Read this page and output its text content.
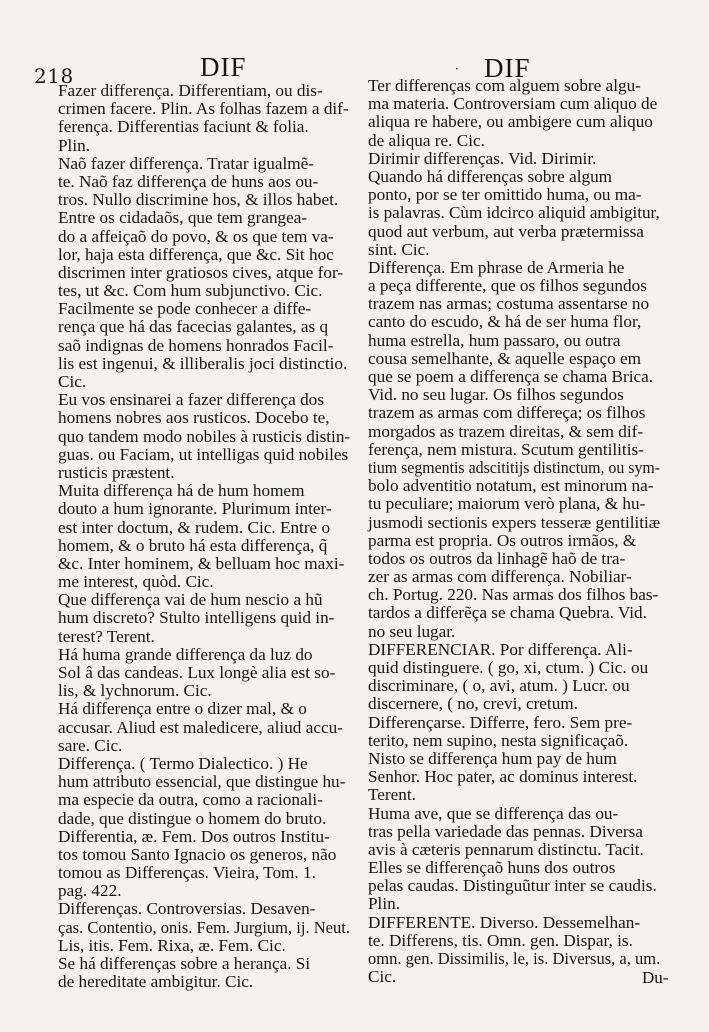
218	DIF	· DIF
Fazer differença. Differentiam, ou dis-
crimen facere. Plin. As folhas fazem a dif-
ferença. Differentias faciunt & folia.
Plin.
Naõ fazer differença. Tratar igualmẽ-
te. Naõ faz differença de huns aos ou-
tros. Nullo discrimine hos, & illos habet.
Entre os cidadaõs, que tem grangea-
do a affeiçaõ do povo, & os que tem va-
lor, haja esta differença, que &c. Sit hoc
discrimen inter gratiosos cives, atque for-
tes, ut &c. Com hum subjunctivo. Cic.
Facilmente se pode conhecer a diffe-
rença que há das facecias galantes, as q
saõ indignas de homens honrados Facil-
lis est ingenui, & illiberalis joci distinctio.
Cic.
Eu vos ensinarei a fazer differença dos
homens nobres aos rusticos. Docebo te,
quo tandem modo nobiles à rusticis distin-
guas. ou Faciam, ut intelligas quid nobiles
rusticis præstent.
Muita differença há de hum homem
douto a hum ignorante. Plurimum inter-
est inter doctum, & rudem. Cic. Entre o
homem, & o bruto há esta differença, q̃
&c. Inter hominem, & belluam hoc maxi-
me interest, quòd. Cic.
Que differença vai de hum nescio a hũ
hum discreto? Stulto intelligens quid in-
terest? Terent.
Há huma grande differença da luz do
Sol â das candeas. Lux longè alia est so-
lis, & lychnorum. Cic.
Há differença entre o dizer mal, & o
accusar. Aliud est maledicere, aliud accu-
sare. Cic.
Differença. ( Termo Dialectico. ) He
hum attributo essencial, que distingue hu-
ma especie da outra, como a racionali-
dade, que distingue o homem do bruto.
Differentia, æ. Fem. Dos outros Institu-
tos tomou Santo Ignacio os generos, não
tomou as Differenças. Vieira, Tom. 1.
pag. 422.
Differenças. Controversias. Desaven-
ças. Contentio, onis. Fem. Jurgium, ij. Neut.
Lis, itis. Fem. Rixa, æ. Fem. Cic.
Se há differenças sobre a herança. Si
de hereditate ambigitur. Cic.
Ter differenças com alguem sobre algu-
ma materia. Controversiam cum aliquo de
aliqua re habere, ou ambigere cum aliquo
de aliqua re. Cic.
Dirimir differenças. Vid. Dirimir.
Quando há differenças sobre algum
ponto, por se ter omittido huma, ou ma-
is palavras. Cùm idcirco aliquid ambigitur,
quod aut verbum, aut verba prætermissa
sint. Cic.
Differença. Em phrase de Armeria he
a peça differente, que os filhos segundos
trazem nas armas; costuma assentarse no
canto do escudo, & há de ser huma flor,
huma estrella, hum passaro, ou outra
cousa semelhante, & aquelle espaço em
que se poem a differença se chama Brica.
Vid. no seu lugar. Os filhos segundos
trazem as armas com differeça; os filhos
morgados as trazem direitas, & sem dif-
ferença, nem mistura. Scutum gentilitis-
tium segmentis adscititijs distinctum, ou sym-
bolo adventitio notatum, est minorum na-
tu peculiare; maiorum verò plana, & hu-
jusmodi sectionis expers tesseræ gentilitiæ
parma est propria. Os outros irmãos, &
todos os outros da linhagẽ haõ de tra-
zer as armas com differença. Nobiliar-
ch. Portug. 220. Nas armas dos filhos bas-
tardos a differẽça se chama Quebra. Vid.
no seu lugar.
DIFFERENCIAR. Por differença. Ali-
quid distinguere. ( go, xi, ctum. ) Cic. ou
discriminare, ( o, avi, atum. ) Lucr. ou
discernere, ( no, crevi, cretum.
Differençarse. Differre, fero. Sem pre-
terito, nem supino, nesta significaçaõ.
Nisto se differença hum pay de hum
Senhor. Hoc pater, ac dominus interest.
Terent.
Huma ave, que se differença das ou-
tras pella variedade das pennas. Diversa
avis à cæteris pennarum distinctu. Tacit.
Elles se differençaõ huns dos outros
pelas caudas. Distinguũtur inter se caudis.
Plin.
DIFFERENTE. Diverso. Dessemelhan-
te. Differens, tis. Omn. gen. Dispar, is.
omn. gen. Dissimilis, le, is. Diversus, a, um.
Cic.	Du-
